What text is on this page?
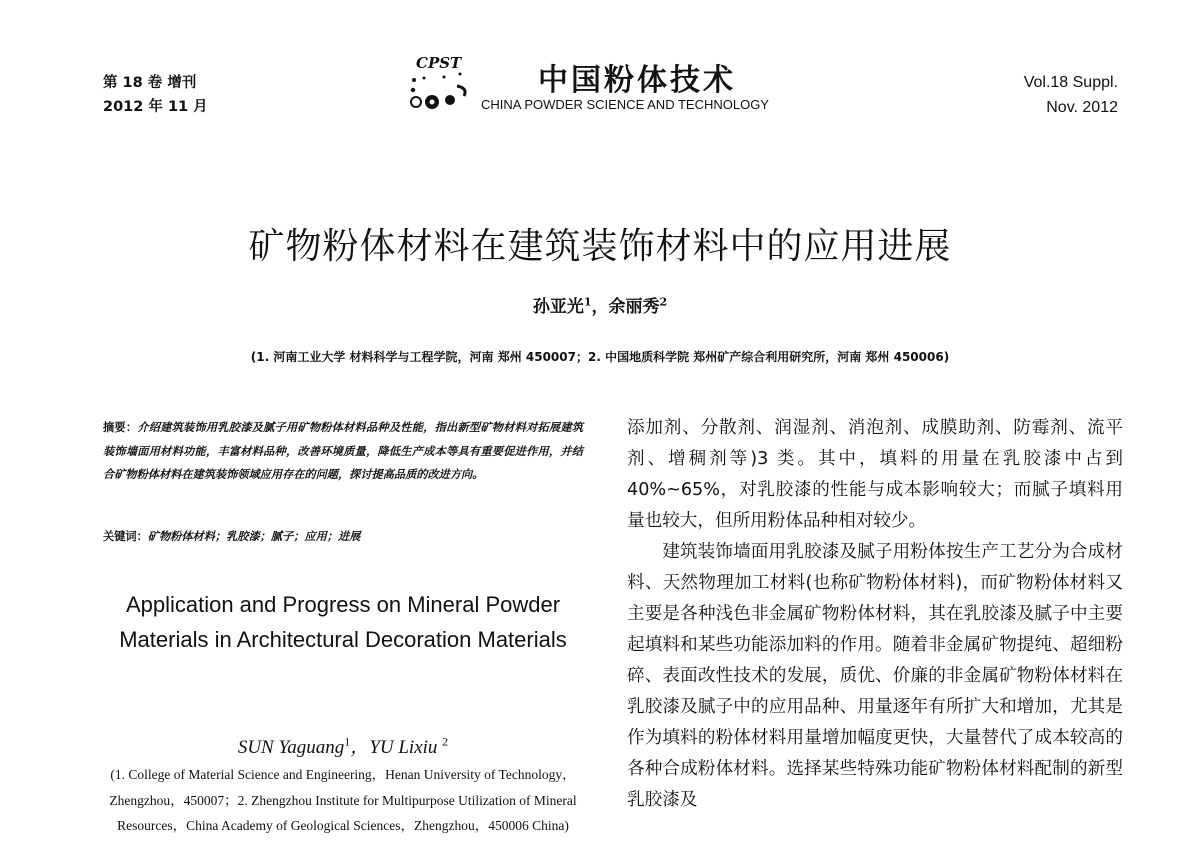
第 18 卷 增刊
2012 年 11 月
CPST	中国粉体技术
CHINA POWDER SCIENCE AND TECHNOLOGY
Vol.18 Suppl.
Nov. 2012
矿物粉体材料在建筑装饰材料中的应用进展
孙亚光$^1$，余丽秀$^2$
(1. 河南工业大学 材料科学与工程学院，河南 郑州 450007；2. 中国地质科学院 郑州矿产综合利用研究所，河南 郑州 450006)
摘要：介绍建筑装饰用乳胶漆及腻子用矿物粉体材料品种及性能，指出新型矿物材料对拓展建筑装饰墙面用材料功能，丰富材料品种，改善环境质量，降低生产成本等具有重要促进作用，并结合矿物粉体材料在建筑装饰领域应用存在的问题，探讨提高品质的改进方向。
关键词：矿物粉体材料；乳胶漆；腻子；应用；进展
Application and Progress on Mineral Powder Materials in Architectural Decoration Materials
SUN Yaguang$^1$，YU Lixiu $^2$
(1. College of Material Science and Engineering，Henan University of Technology，Zhengzhou，450007；2. Zhengzhou Institute for Multipurpose Utilization of Mineral Resources，China Academy of Geological Sciences，Zhengzhou，450006 China)

添加剂、分散剂、润湿剂、消泡剂、成膜助剂、防霉剂、流平剂、增稠剂等)3 类。其中，填料的用量在乳胶漆中占到 40%~65%，对乳胶漆的性能与成本影响较大；而腻子填料用量也较大，但所用粉体品种相对较少。

建筑装饰墙面用乳胶漆及腻子用粉体按生产工艺分为合成材料、天然物理加工材料(也称矿物粉体材料)，而矿物粉体材料又主要是各种浅色非金属矿物粉体材料，其在乳胶漆及腻子中主要起填料和某些功能添加料的作用。随着非金属矿物提纯、超细粉碎、表面改性技术的发展，质优、价廉的非金属矿物粉体材料在乳胶漆及腻子中的应用品种、用量逐年有所扩大和增加，尤其是作为填料的粉体材料用量增加幅度更快，大量替代了成本较高的各种合成粉体材料。选择某些特殊功能矿物粉体材料配制的新型乳胶漆及
